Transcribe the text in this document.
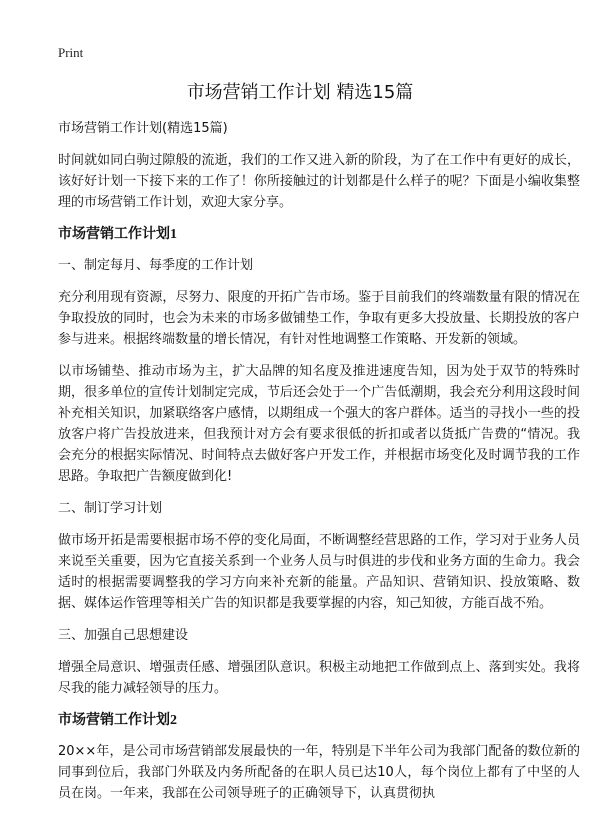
Print
市场营销工作计划 精选15篇

市场营销工作计划(精选15篇)

时间就如同白驹过隙般的流逝，我们的工作又进入新的阶段，为了在工作中有更好的成长，该好好计划一下接下来的工作了！你所接触过的计划都是什么样子的呢？下面是小编收集整理的市场营销工作计划，欢迎大家分享。

市场营销工作计划1

一、制定每月、每季度的工作计划

充分利用现有资源，尽努力、限度的开拓广告市场。鉴于目前我们的终端数量有限的情况在争取投放的同时，也会为未来的市场多做铺垫工作，争取有更多大投放量、长期投放的客户参与进来。根据终端数量的增长情况，有针对性地调整工作策略、开发新的领域。

以市场铺垫、推动市场为主，扩大品牌的知名度及推进速度告知，因为处于双节的特殊时期，很多单位的宣传计划制定完成，节后还会处于一个广告低潮期，我会充分利用这段时间补充相关知识，加紧联络客户感情，以期组成一个强大的客户群体。适当的寻找小一些的投放客户将广告投放进来，但我预计对方会有要求很低的折扣或者以货抵广告费的“情况。我会充分的根据实际情况、时间特点去做好客户开发工作，并根据市场变化及时调节我的工作思路。争取把广告额度做到化!

二、制订学习计划

做市场开拓是需要根据市场不停的变化局面，不断调整经营思路的工作，学习对于业务人员来说至关重要，因为它直接关系到一个业务人员与时俱进的步伐和业务方面的生命力。我会适时的根据需要调整我的学习方向来补充新的能量。产品知识、营销知识、投放策略、数据、媒体运作管理等相关广告的知识都是我要掌握的内容，知己知彼，方能百战不殆。

三、加强自己思想建设

增强全局意识、增强责任感、增强团队意识。积极主动地把工作做到点上、落到实处。我将尽我的能力减轻领导的压力。

市场营销工作计划2

20××年，是公司市场营销部发展最快的一年，特别是下半年公司为我部门配备的数位新的同事到位后，我部门外联及内务所配备的在职人员已达10人，每个岗位上都有了中坚的人员在岗。一年来，我部在公司领导班子的正确领导下，认真贯彻执
